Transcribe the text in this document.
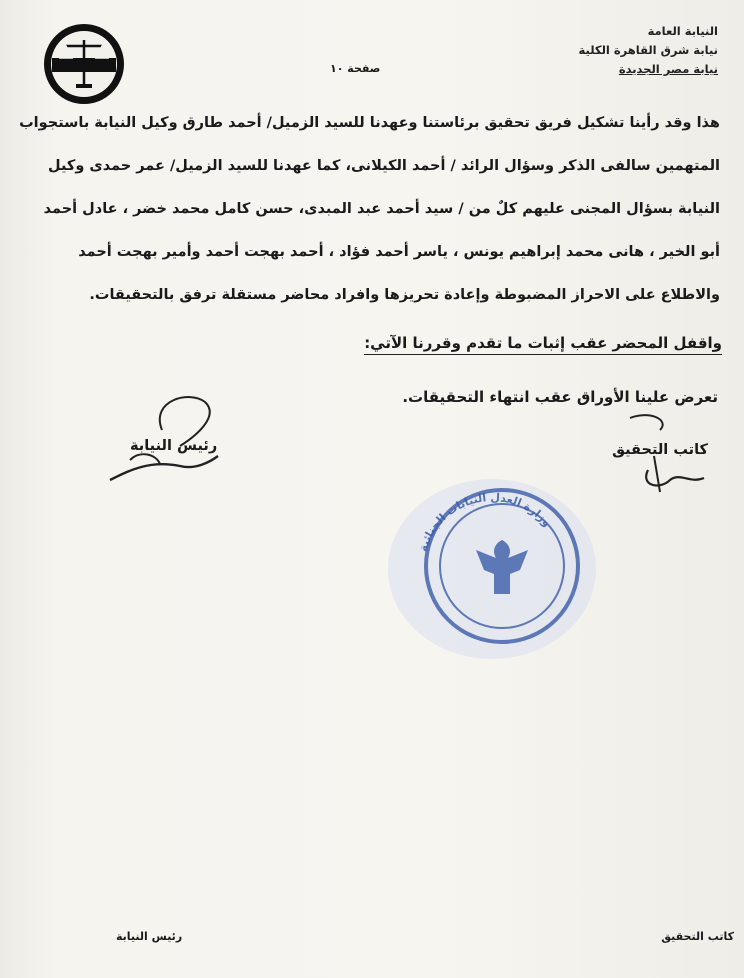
النيابة العامة
نيابة شرق القاهرة الكلية
نيابة مصر الجديدة
صفحة ١٠
هذا وقد رأينا تشكيل فريق تحقيق برئاستنا وعهدنا للسيد الزميل/ أحمد طارق وكيل النيابة باستجواب
المتهمين سالفى الذكر وسؤال الرائد / أحمد الكيلانى، كما عهدنا للسيد الزميل/ عمر حمدى وكيل
النيابة بسؤال المجنى عليهم كلٌ من / سيد أحمد عبد المبدى، حسن كامل محمد خضر ، عادل أحمد
أبو الخير ، هانى محمد إبراهيم يونس ، ياسر أحمد فؤاد ، أحمد بهجت أحمد وأمير بهجت أحمد
والاطلاع على الاحراز المضبوطة وإعادة تحريزها وافراد محاضر مستقلة ترفق بالتحقيقات.
واقفل المحضر عقب إثبات ما تقدم وقررنا الآتي:
تعرض علينا الأوراق عقب انتهاء التحقيقات.
كاتب التحقيق
رئيس النيابة
وزارة العدل النيابات الجنائية
رئيس النيابة	كاتب التحقيق
